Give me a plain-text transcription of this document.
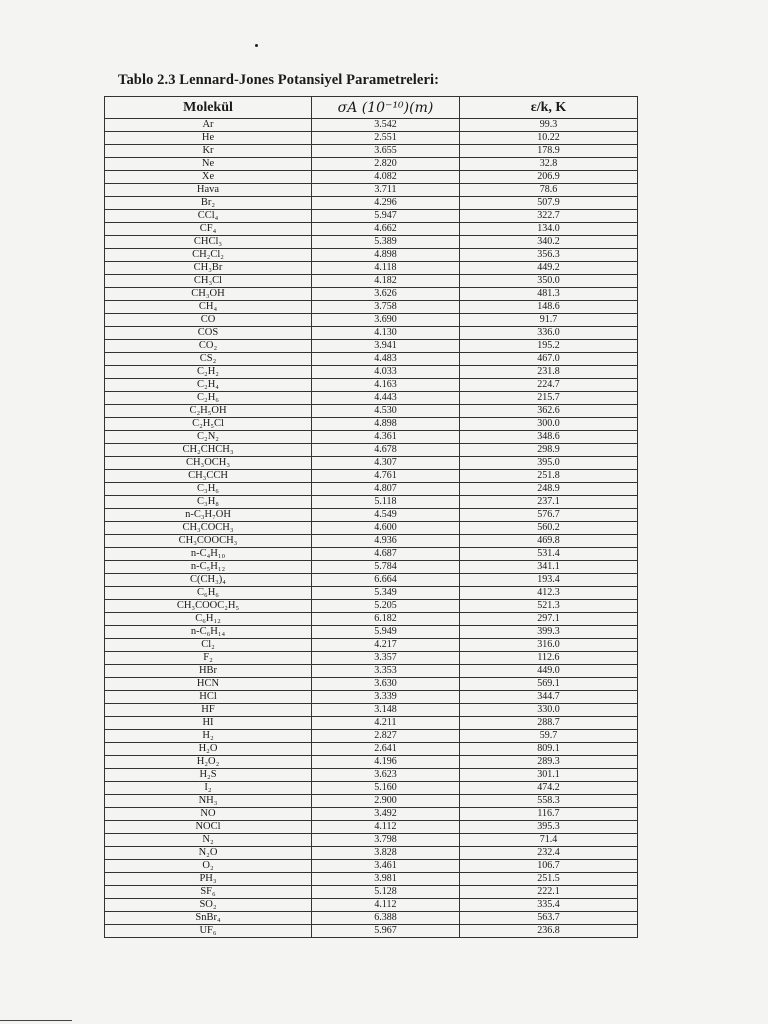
Tablo 2.3 Lennard-Jones Potansiyel Parametreleri:
Molekül	σA (10⁻¹⁰)(m)	ε/k, K
Ar	3.542	99.3
He	2.551	10.22
Kr	3.655	178.9
Ne	2.820	32.8
Xe	4.082	206.9
Hava	3.711	78.6
Br₂	4.296	507.9
CCl₄	5.947	322.7
CF₄	4.662	134.0
CHCl₃	5.389	340.2
CH₂Cl₂	4.898	356.3
CH₃Br	4.118	449.2
CH₃Cl	4.182	350.0
CH₃OH	3.626	481.3
CH₄	3.758	148.6
CO	3.690	91.7
COS	4.130	336.0
CO₂	3.941	195.2
CS₂	4.483	467.0
C₂H₂	4.033	231.8
C₂H₄	4.163	224.7
C₂H₆	4.443	215.7
C₂H₅OH	4.530	362.6
C₂H₅Cl	4.898	300.0
C₂N₂	4.361	348.6
CH₂CHCH₃	4.678	298.9
CH₃OCH₃	4.307	395.0
CH₃CCH	4.761	251.8
C₃H₆	4.807	248.9
C₃H₈	5.118	237.1
n-C₃H₇OH	4.549	576.7
CH₃COCH₃	4.600	560.2
CH₃COOCH₃	4.936	469.8
n-C₄H₁₀	4.687	531.4
n-C₅H₁₂	5.784	341.1
C(CH₃)₄	6.664	193.4
C₆H₆	5.349	412.3
CH₃COOC₂H₅	5.205	521.3
C₆H₁₂	6.182	297.1
n-C₆H₁₄	5.949	399.3
Cl₂	4.217	316.0
F₂	3.357	112.6
HBr	3.353	449.0
HCN	3.630	569.1
HCl	3.339	344.7
HF	3.148	330.0
HI	4.211	288.7
H₂	2.827	59.7
H₂O	2.641	809.1
H₂O₂	4.196	289.3
H₂S	3.623	301.1
I₂	5.160	474.2
NH₃	2.900	558.3
NO	3.492	116.7
NOCl	4.112	395.3
N₂	3.798	71.4
N₂O	3.828	232.4
O₂	3.461	106.7
PH₃	3.981	251.5
SF₆	5.128	222.1
SO₂	4.112	335.4
SnBr₄	6.388	563.7
UF₆	5.967	236.8
